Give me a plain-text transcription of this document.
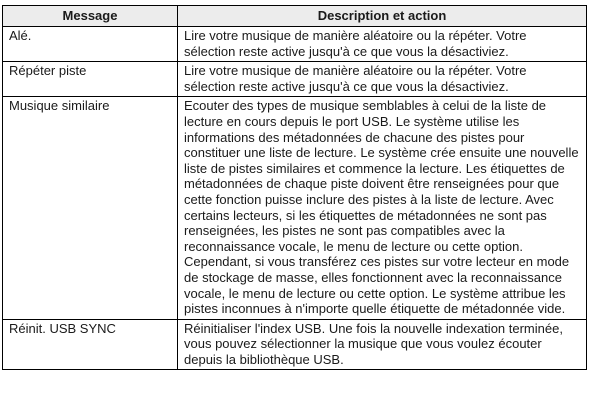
Message	Description et action
Alé.	Lire votre musique de manière aléatoire ou la répéter. Votre sélection reste active jusqu'à ce que vous la désactiviez.
Répéter piste	Lire votre musique de manière aléatoire ou la répéter. Votre sélection reste active jusqu'à ce que vous la désactiviez.
Musique similaire	Ecouter des types de musique semblables à celui de la liste de lecture en cours depuis le port USB. Le système utilise les informations des métadonnées de chacune des pistes pour constituer une liste de lecture. Le système crée ensuite une nouvelle liste de pistes similaires et commence la lecture. Les étiquettes de métadonnées de chaque piste doivent être renseignées pour que cette fonction puisse inclure des pistes à la liste de lecture. Avec certains lecteurs, si les étiquettes de métadonnées ne sont pas renseignées, les pistes ne sont pas compatibles avec la reconnaissance vocale, le menu de lecture ou cette option. Cependant, si vous transférez ces pistes sur votre lecteur en mode de stockage de masse, elles fonctionnent avec la reconnaissance vocale, le menu de lecture ou cette option. Le système attribue les pistes inconnues à n'importe quelle étiquette de métadonnée vide.
Réinit. USB SYNC	Réinitialiser l'index USB. Une fois la nouvelle indexation terminée, vous pouvez sélectionner la musique que vous voulez écouter depuis la bibliothèque USB.
